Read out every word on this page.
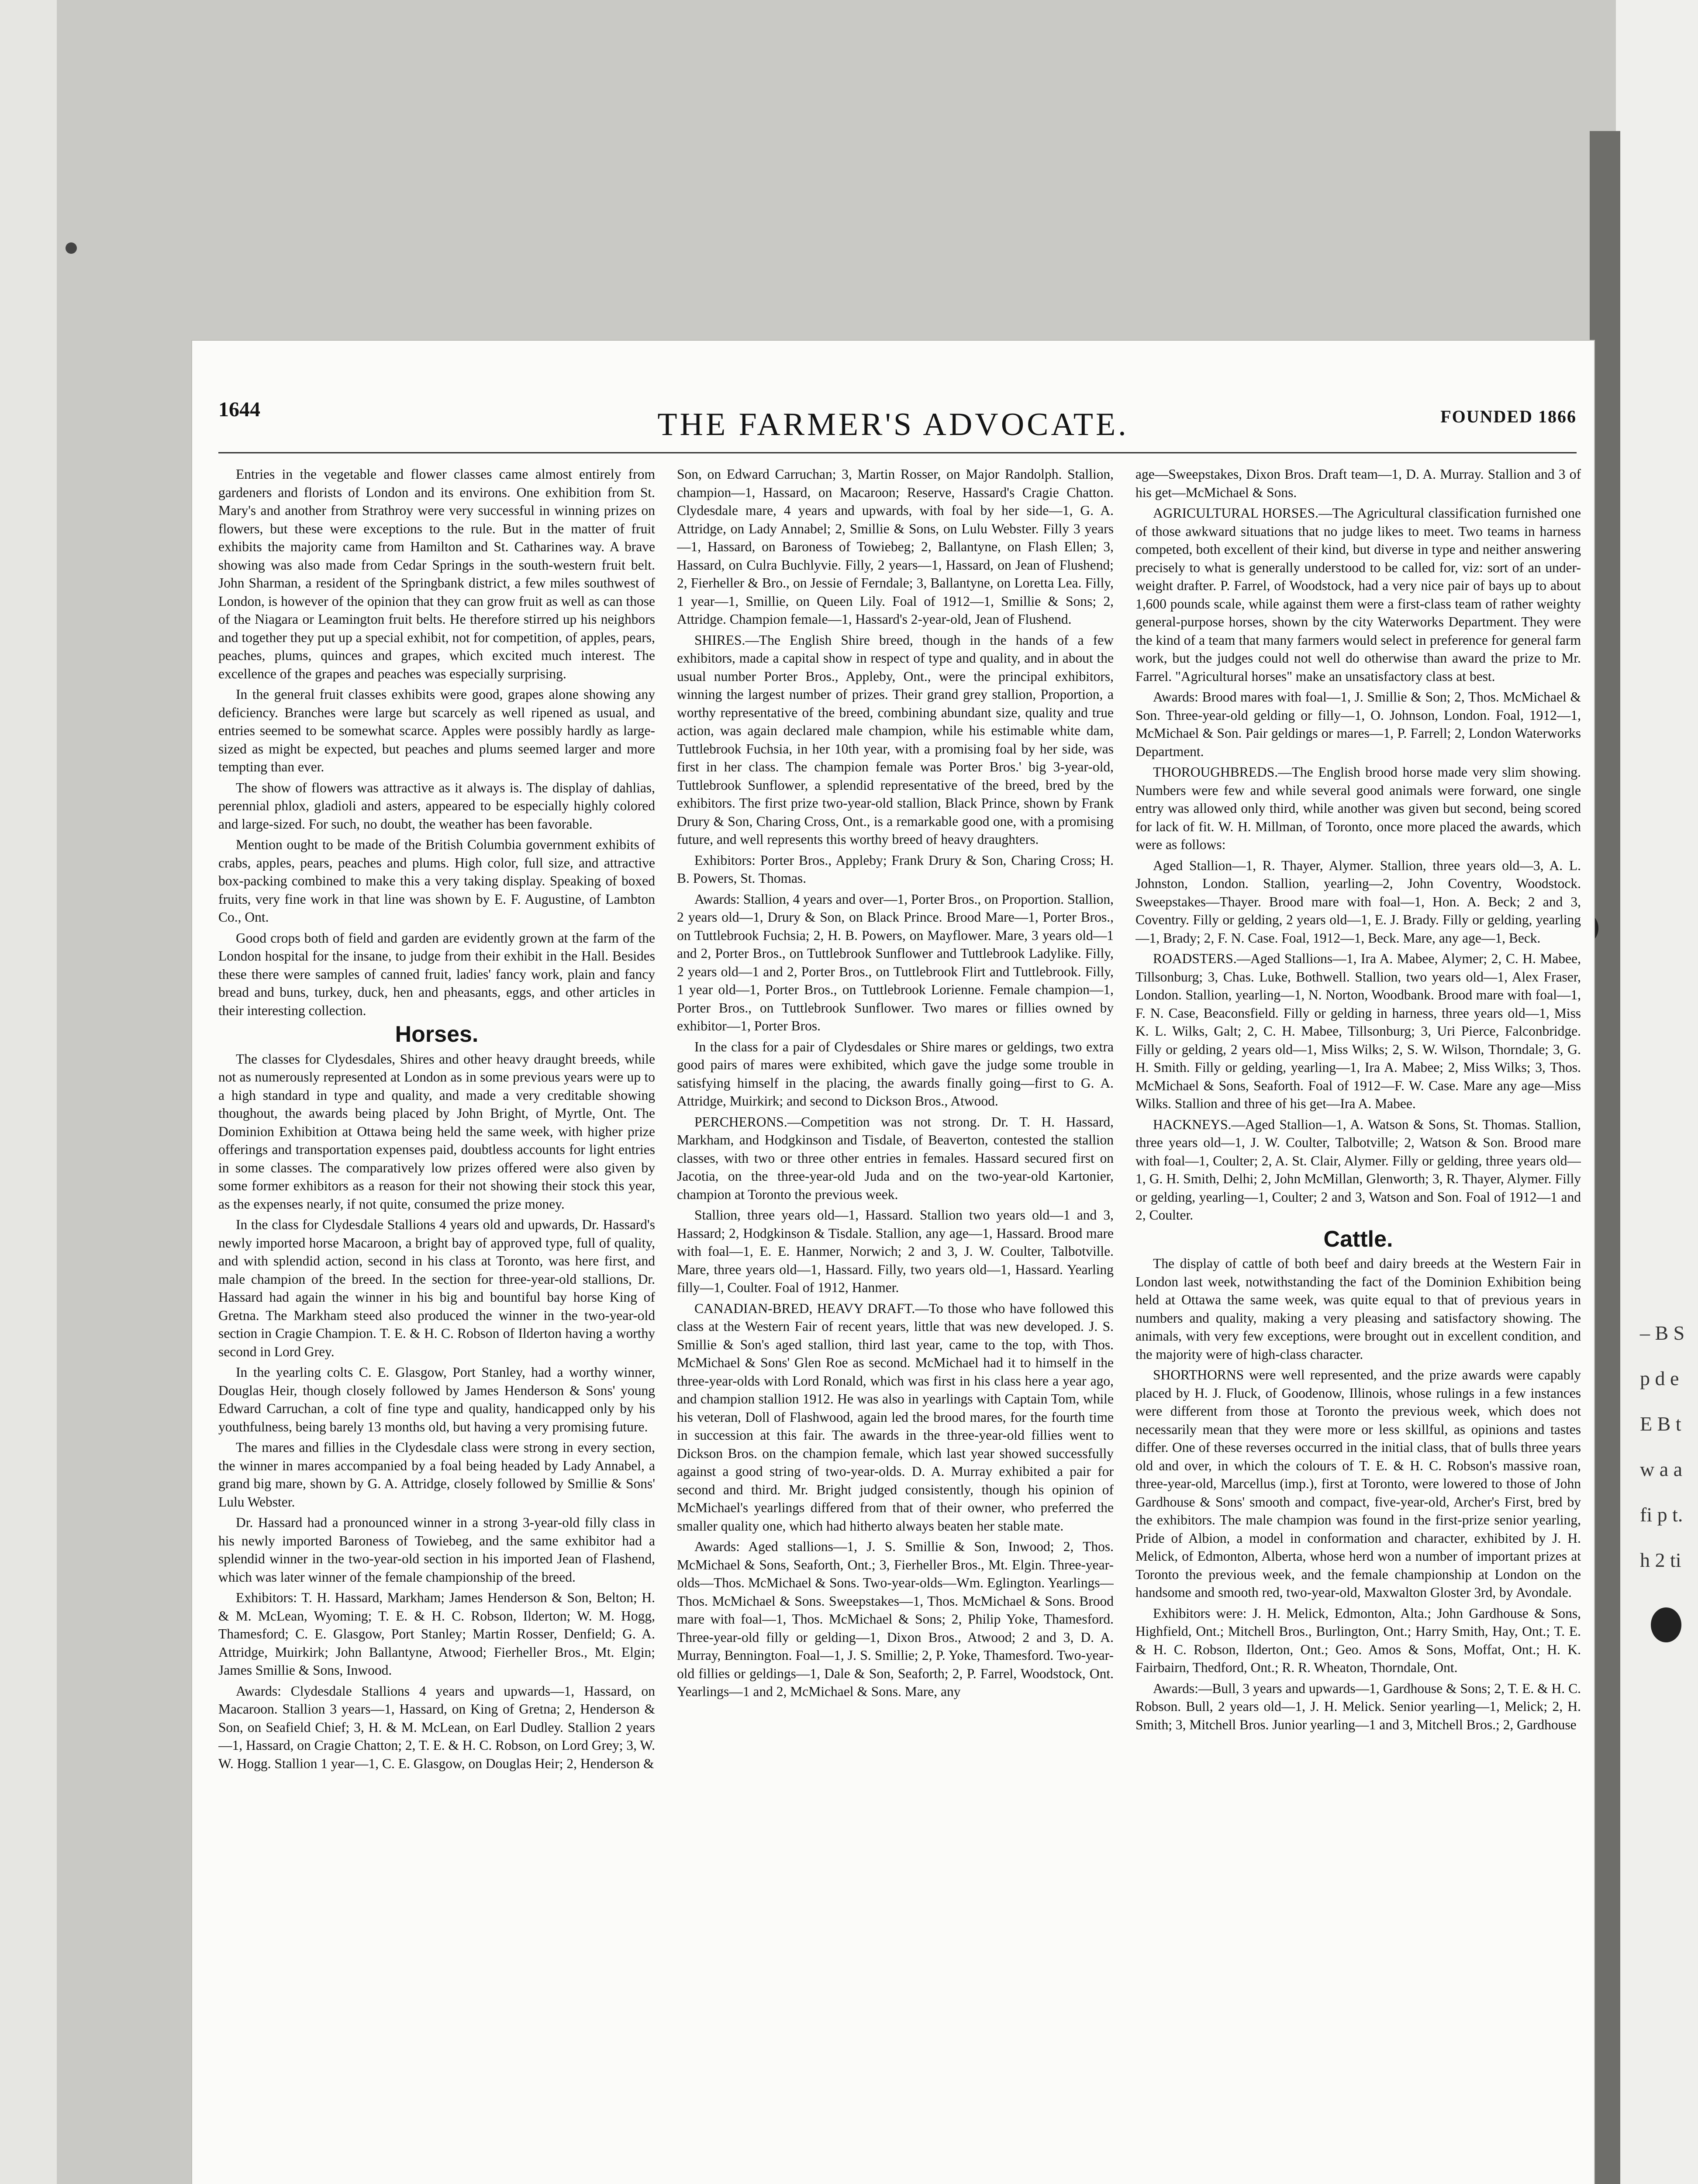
– B S p d e E B t w a a fi p t. h 2 ti
1644	THE FARMER'S ADVOCATE.	FOUNDED 1866

Entries in the vegetable and flower classes came almost entirely from gardeners and florists of London and its environs. One exhibition from St. Mary's and another from Strathroy were very successful in winning prizes on flowers, but these were exceptions to the rule. But in the matter of fruit exhibits the majority came from Hamilton and St. Catharines way. A brave showing was also made from Cedar Springs in the south-western fruit belt. John Sharman, a resident of the Springbank district, a few miles southwest of London, is however of the opinion that they can grow fruit as well as can those of the Niagara or Leamington fruit belts. He therefore stirred up his neighbors and together they put up a special exhibit, not for competition, of apples, pears, peaches, plums, quinces and grapes, which excited much interest. The excellence of the grapes and peaches was especially surprising.

In the general fruit classes exhibits were good, grapes alone showing any deficiency. Branches were large but scarcely as well ripened as usual, and entries seemed to be somewhat scarce. Apples were possibly hardly as large-sized as might be expected, but peaches and plums seemed larger and more tempting than ever.

The show of flowers was attractive as it always is. The display of dahlias, perennial phlox, gladioli and asters, appeared to be especially highly colored and large-sized. For such, no doubt, the weather has been favorable.

Mention ought to be made of the British Columbia government exhibits of crabs, apples, pears, peaches and plums. High color, full size, and attractive box-packing combined to make this a very taking display. Speaking of boxed fruits, very fine work in that line was shown by E. F. Augustine, of Lambton Co., Ont.

Good crops both of field and garden are evidently grown at the farm of the London hospital for the insane, to judge from their exhibit in the Hall. Besides these there were samples of canned fruit, ladies' fancy work, plain and fancy bread and buns, turkey, duck, hen and pheasants, eggs, and other articles in their interesting collection.

Horses.

The classes for Clydesdales, Shires and other heavy draught breeds, while not as numerously represented at London as in some previous years were up to a high standard in type and quality, and made a very creditable showing thoughout, the awards being placed by John Bright, of Myrtle, Ont. The Dominion Exhibition at Ottawa being held the same week, with higher prize offerings and transportation expenses paid, doubtless accounts for light entries in some classes. The comparatively low prizes offered were also given by some former exhibitors as a reason for their not showing their stock this year, as the expenses nearly, if not quite, consumed the prize money.

In the class for Clydesdale Stallions 4 years old and upwards, Dr. Hassard's newly imported horse Macaroon, a bright bay of approved type, full of quality, and with splendid action, second in his class at Toronto, was here first, and male champion of the breed. In the section for three-year-old stallions, Dr. Hassard had again the winner in his big and bountiful bay horse King of Gretna. The Markham steed also produced the winner in the two-year-old section in Cragie Champion. T. E. & H. C. Robson of Ilderton having a worthy second in Lord Grey.

In the yearling colts C. E. Glasgow, Port Stanley, had a worthy winner, Douglas Heir, though closely followed by James Henderson & Sons' young Edward Carruchan, a colt of fine type and quality, handicapped only by his youthfulness, being barely 13 months old, but having a very promising future.

The mares and fillies in the Clydesdale class were strong in every section, the winner in mares accompanied by a foal being headed by Lady Annabel, a grand big mare, shown by G. A. Attridge, closely followed by Smillie & Sons' Lulu Webster.

Dr. Hassard had a pronounced winner in a strong 3-year-old filly class in his newly imported Baroness of Towiebeg, and the same exhibitor had a splendid winner in the two-year-old section in his imported Jean of Flashend, which was later winner of the female championship of the breed.

Exhibitors: T. H. Hassard, Markham; James Henderson & Son, Belton; H. & M. McLean, Wyoming; T. E. & H. C. Robson, Ilderton; W. M. Hogg, Thamesford; C. E. Glasgow, Port Stanley; Martin Rosser, Denfield; G. A. Attridge, Muirkirk; John Ballantyne, Atwood; Fierheller Bros., Mt. Elgin; James Smillie & Sons, Inwood.

Awards: Clydesdale Stallions 4 years and upwards—1, Hassard, on Macaroon. Stallion 3 years—1, Hassard, on King of Gretna; 2, Henderson & Son, on Seafield Chief; 3, H. & M. McLean, on Earl Dudley. Stallion 2 years—1, Hassard, on Cragie Chatton; 2, T. E. & H. C. Robson, on Lord Grey; 3, W. W. Hogg. Stallion 1 year—1, C. E. Glasgow, on Douglas Heir; 2, Henderson &

Son, on Edward Carruchan; 3, Martin Rosser, on Major Randolph. Stallion, champion—1, Hassard, on Macaroon; Reserve, Hassard's Cragie Chatton. Clydesdale mare, 4 years and upwards, with foal by her side—1, G. A. Attridge, on Lady Annabel; 2, Smillie & Sons, on Lulu Webster. Filly 3 years—1, Hassard, on Baroness of Towiebeg; 2, Ballantyne, on Flash Ellen; 3, Hassard, on Culra Buchlyvie. Filly, 2 years—1, Hassard, on Jean of Flushend; 2, Fierheller & Bro., on Jessie of Ferndale; 3, Ballantyne, on Loretta Lea. Filly, 1 year—1, Smillie, on Queen Lily. Foal of 1912—1, Smillie & Sons; 2, Attridge. Champion female—1, Hassard's 2-year-old, Jean of Flushend.

SHIRES.—The English Shire breed, though in the hands of a few exhibitors, made a capital show in respect of type and quality, and in about the usual number Porter Bros., Appleby, Ont., were the principal exhibitors, winning the largest number of prizes. Their grand grey stallion, Proportion, a worthy representative of the breed, combining abundant size, quality and true action, was again declared male champion, while his estimable white dam, Tuttlebrook Fuchsia, in her 10th year, with a promising foal by her side, was first in her class. The champion female was Porter Bros.' big 3-year-old, Tuttlebrook Sunflower, a splendid representative of the breed, bred by the exhibitors. The first prize two-year-old stallion, Black Prince, shown by Frank Drury & Son, Charing Cross, Ont., is a remarkable good one, with a promising future, and well represents this worthy breed of heavy draughters.

Exhibitors: Porter Bros., Appleby; Frank Drury & Son, Charing Cross; H. B. Powers, St. Thomas.

Awards: Stallion, 4 years and over—1, Porter Bros., on Proportion. Stallion, 2 years old—1, Drury & Son, on Black Prince. Brood Mare—1, Porter Bros., on Tuttlebrook Fuchsia; 2, H. B. Powers, on Mayflower. Mare, 3 years old—1 and 2, Porter Bros., on Tuttlebrook Sunflower and Tuttlebrook Ladylike. Filly, 2 years old—1 and 2, Porter Bros., on Tuttlebrook Flirt and Tuttlebrook. Filly, 1 year old—1, Porter Bros., on Tuttlebrook Lorienne. Female champion—1, Porter Bros., on Tuttlebrook Sunflower. Two mares or fillies owned by exhibitor—1, Porter Bros.

In the class for a pair of Clydesdales or Shire mares or geldings, two extra good pairs of mares were exhibited, which gave the judge some trouble in satisfying himself in the placing, the awards finally going—first to G. A. Attridge, Muirkirk; and second to Dickson Bros., Atwood.

PERCHERONS.—Competition was not strong. Dr. T. H. Hassard, Markham, and Hodgkinson and Tisdale, of Beaverton, contested the stallion classes, with two or three other entries in females. Hassard secured first on Jacotia, on the three-year-old Juda and on the two-year-old Kartonier, champion at Toronto the previous week.

Stallion, three years old—1, Hassard. Stallion two years old—1 and 3, Hassard; 2, Hodgkinson & Tisdale. Stallion, any age—1, Hassard. Brood mare with foal—1, E. E. Hanmer, Norwich; 2 and 3, J. W. Coulter, Talbotville. Mare, three years old—1, Hassard. Filly, two years old—1, Hassard. Yearling filly—1, Coulter. Foal of 1912, Hanmer.

CANADIAN-BRED, HEAVY DRAFT.—To those who have followed this class at the Western Fair of recent years, little that was new developed. J. S. Smillie & Son's aged stallion, third last year, came to the top, with Thos. McMichael & Sons' Glen Roe as second. McMichael had it to himself in the three-year-olds with Lord Ronald, which was first in his class here a year ago, and champion stallion 1912. He was also in yearlings with Captain Tom, while his veteran, Doll of Flashwood, again led the brood mares, for the fourth time in succession at this fair. The awards in the three-year-old fillies went to Dickson Bros. on the champion female, which last year showed successfully against a good string of two-year-olds. D. A. Murray exhibited a pair for second and third. Mr. Bright judged consistently, though his opinion of McMichael's yearlings differed from that of their owner, who preferred the smaller quality one, which had hitherto always beaten her stable mate.

Awards: Aged stallions—1, J. S. Smillie & Son, Inwood; 2, Thos. McMichael & Sons, Seaforth, Ont.; 3, Fierheller Bros., Mt. Elgin. Three-year-olds—Thos. McMichael & Sons. Two-year-olds—Wm. Eglington. Yearlings—Thos. McMichael & Sons. Sweepstakes—1, Thos. McMichael & Sons. Brood mare with foal—1, Thos. McMichael & Sons; 2, Philip Yoke, Thamesford. Three-year-old filly or gelding—1, Dixon Bros., Atwood; 2 and 3, D. A. Murray, Bennington. Foal—1, J. S. Smillie; 2, P. Yoke, Thamesford. Two-year-old fillies or geldings—1, Dale & Son, Seaforth; 2, P. Farrel, Woodstock, Ont. Yearlings—1 and 2, McMichael & Sons. Mare, any

age—Sweepstakes, Dixon Bros. Draft team—1, D. A. Murray. Stallion and 3 of his get—McMichael & Sons.

AGRICULTURAL HORSES.—The Agricultural classification furnished one of those awkward situations that no judge likes to meet. Two teams in harness competed, both excellent of their kind, but diverse in type and neither answering precisely to what is generally understood to be called for, viz: sort of an under-weight drafter. P. Farrel, of Woodstock, had a very nice pair of bays up to about 1,600 pounds scale, while against them were a first-class team of rather weighty general-purpose horses, shown by the city Waterworks Department. They were the kind of a team that many farmers would select in preference for general farm work, but the judges could not well do otherwise than award the prize to Mr. Farrel. "Agricultural horses" make an unsatisfactory class at best.

Awards: Brood mares with foal—1, J. Smillie & Son; 2, Thos. McMichael & Son. Three-year-old gelding or filly—1, O. Johnson, London. Foal, 1912—1, McMichael & Son. Pair geldings or mares—1, P. Farrell; 2, London Waterworks Department.

THOROUGHBREDS.—The English brood horse made very slim showing. Numbers were few and while several good animals were forward, one single entry was allowed only third, while another was given but second, being scored for lack of fit. W. H. Millman, of Toronto, once more placed the awards, which were as follows:

Aged Stallion—1, R. Thayer, Alymer. Stallion, three years old—3, A. L. Johnston, London. Stallion, yearling—2, John Coventry, Woodstock. Sweepstakes—Thayer. Brood mare with foal—1, Hon. A. Beck; 2 and 3, Coventry. Filly or gelding, 2 years old—1, E. J. Brady. Filly or gelding, yearling—1, Brady; 2, F. N. Case. Foal, 1912—1, Beck. Mare, any age—1, Beck.

ROADSTERS.—Aged Stallions—1, Ira A. Mabee, Alymer; 2, C. H. Mabee, Tillsonburg; 3, Chas. Luke, Bothwell. Stallion, two years old—1, Alex Fraser, London. Stallion, yearling—1, N. Norton, Woodbank. Brood mare with foal—1, F. N. Case, Beaconsfield. Filly or gelding in harness, three years old—1, Miss K. L. Wilks, Galt; 2, C. H. Mabee, Tillsonburg; 3, Uri Pierce, Falconbridge. Filly or gelding, 2 years old—1, Miss Wilks; 2, S. W. Wilson, Thorndale; 3, G. H. Smith. Filly or gelding, yearling—1, Ira A. Mabee; 2, Miss Wilks; 3, Thos. McMichael & Sons, Seaforth. Foal of 1912—F. W. Case. Mare any age—Miss Wilks. Stallion and three of his get—Ira A. Mabee.

HACKNEYS.—Aged Stallion—1, A. Watson & Sons, St. Thomas. Stallion, three years old—1, J. W. Coulter, Talbotville; 2, Watson & Son. Brood mare with foal—1, Coulter; 2, A. St. Clair, Alymer. Filly or gelding, three years old—1, G. H. Smith, Delhi; 2, John McMillan, Glenworth; 3, R. Thayer, Alymer. Filly or gelding, yearling—1, Coulter; 2 and 3, Watson and Son. Foal of 1912—1 and 2, Coulter.

Cattle.

The display of cattle of both beef and dairy breeds at the Western Fair in London last week, notwithstanding the fact of the Dominion Exhibition being held at Ottawa the same week, was quite equal to that of previous years in numbers and quality, making a very pleasing and satisfactory showing. The animals, with very few exceptions, were brought out in excellent condition, and the majority were of high-class character.

SHORTHORNS were well represented, and the prize awards were capably placed by H. J. Fluck, of Goodenow, Illinois, whose rulings in a few instances were different from those at Toronto the previous week, which does not necessarily mean that they were more or less skillful, as opinions and tastes differ. One of these reverses occurred in the initial class, that of bulls three years old and over, in which the colours of T. E. & H. C. Robson's massive roan, three-year-old, Marcellus (imp.), first at Toronto, were lowered to those of John Gardhouse & Sons' smooth and compact, five-year-old, Archer's First, bred by the exhibitors. The male champion was found in the first-prize senior yearling, Pride of Albion, a model in conformation and character, exhibited by J. H. Melick, of Edmonton, Alberta, whose herd won a number of important prizes at Toronto the previous week, and the female championship at London on the handsome and smooth red, two-year-old, Maxwalton Gloster 3rd, by Avondale.

Exhibitors were: J. H. Melick, Edmonton, Alta.; John Gardhouse & Sons, Highfield, Ont.; Mitchell Bros., Burlington, Ont.; Harry Smith, Hay, Ont.; T. E. & H. C. Robson, Ilderton, Ont.; Geo. Amos & Sons, Moffat, Ont.; H. K. Fairbairn, Thedford, Ont.; R. R. Wheaton, Thorndale, Ont.

Awards:—Bull, 3 years and upwards—1, Gardhouse & Sons; 2, T. E. & H. C. Robson. Bull, 2 years old—1, J. H. Melick. Senior yearling—1, Melick; 2, H. Smith; 3, Mitchell Bros. Junior yearling—1 and 3, Mitchell Bros.; 2, Gardhouse
